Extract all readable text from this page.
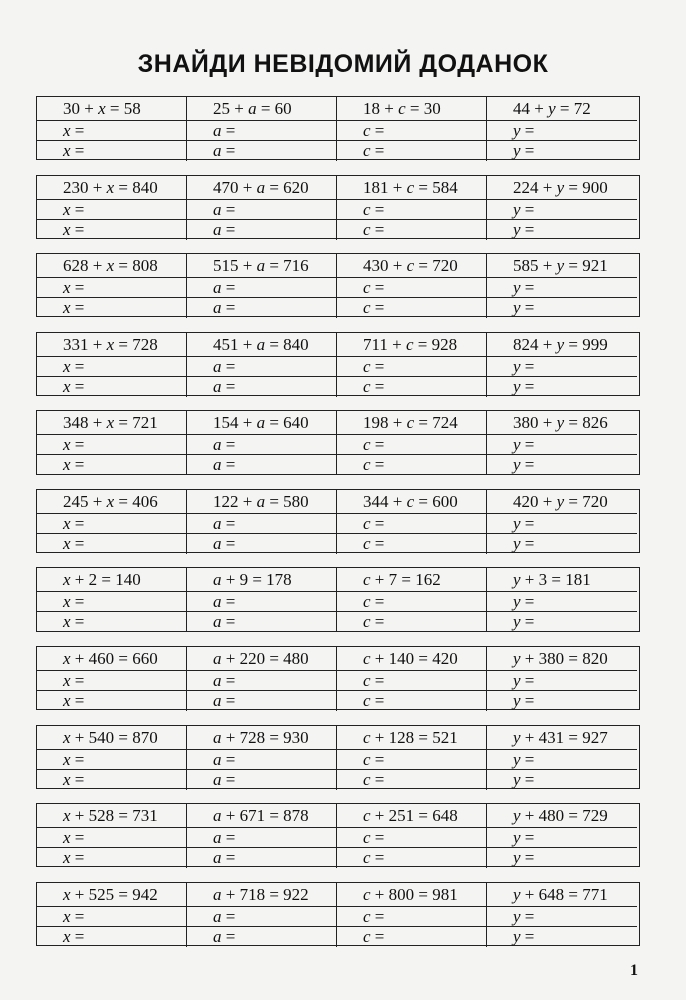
ЗНАЙДИ НЕВІДОМИЙ ДОДАНОК
30 + x = 58	25 + a = 60	18 + c = 30	44 + y = 72
x =	a =	c =	y =
x =	a =	c =	y =
230 + x = 840	470 + a = 620	181 + c = 584	224 + y = 900
x =	a =	c =	y =
x =	a =	c =	y =
628 + x = 808	515 + a = 716	430 + c = 720	585 + y = 921
x =	a =	c =	y =
x =	a =	c =	y =
331 + x = 728	451 + a = 840	711 + c = 928	824 + y = 999
x =	a =	c =	y =
x =	a =	c =	y =
348 + x = 721	154 + a = 640	198 + c = 724	380 + y = 826
x =	a =	c =	y =
x =	a =	c =	y =
245 + x = 406	122 + a = 580	344 + c = 600	420 + y = 720
x =	a =	c =	y =
x =	a =	c =	y =
x + 2 = 140	a + 9 = 178	c + 7 = 162	y + 3 = 181
x =	a =	c =	y =
x =	a =	c =	y =
x + 460 = 660	a + 220 = 480	c + 140 = 420	y + 380 = 820
x =	a =	c =	y =
x =	a =	c =	y =
x + 540 = 870	a + 728 = 930	c + 128 = 521	y + 431 = 927
x =	a =	c =	y =
x =	a =	c =	y =
x + 528 = 731	a + 671 = 878	c + 251 = 648	y + 480 = 729
x =	a =	c =	y =
x =	a =	c =	y =
x + 525 = 942	a + 718 = 922	c + 800 = 981	y + 648 = 771
x =	a =	c =	y =
x =	a =	c =	y =
1
